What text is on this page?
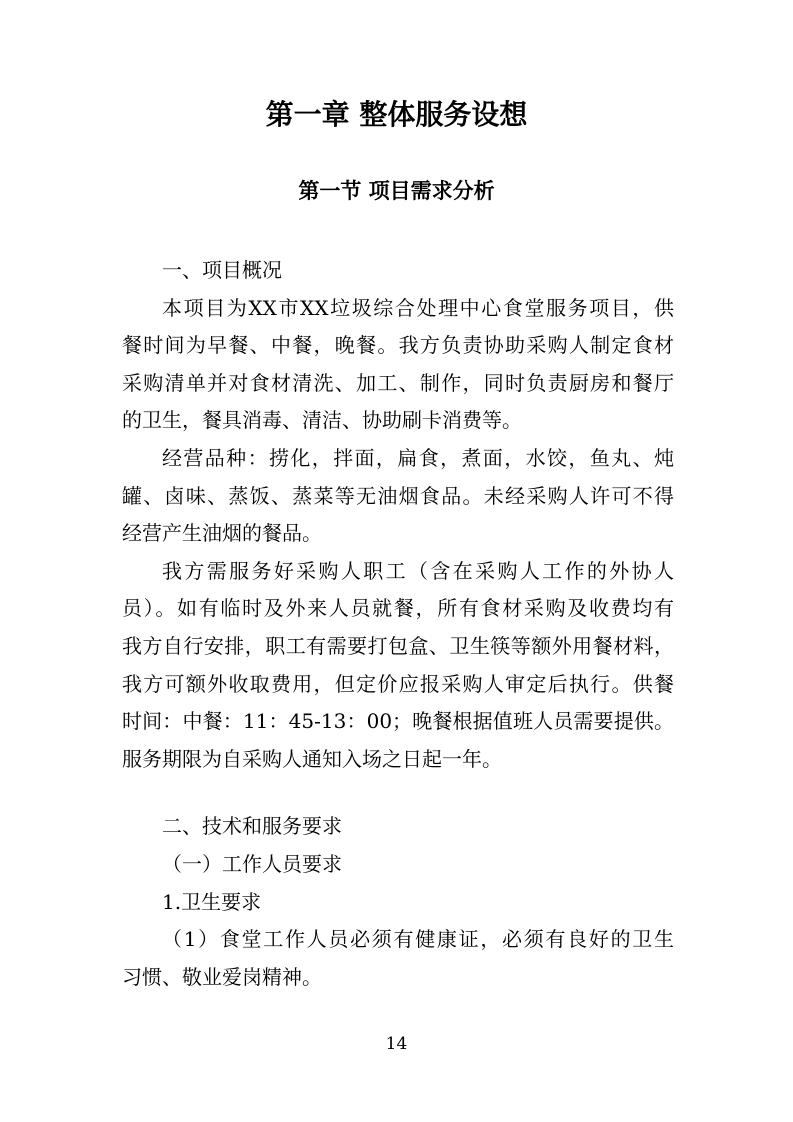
第一章 整体服务设想
第一节 项目需求分析
一、项目概况
本项目为XX市XX垃圾综合处理中心食堂服务项目，供
餐时间为早餐、中餐，晚餐。我方负责协助采购人制定食材
采购清单并对食材清洗、加工、制作，同时负责厨房和餐厅
的卫生，餐具消毒、清洁、协助刷卡消费等。
经营品种：捞化，拌面，扁食，煮面，水饺，鱼丸、炖
罐、卤味、蒸饭、蒸菜等无油烟食品。未经采购人许可不得
经营产生油烟的餐品。
我方需服务好采购人职工（含在采购人工作的外协人
员）。如有临时及外来人员就餐，所有食材采购及收费均有
我方自行安排，职工有需要打包盒、卫生筷等额外用餐材料，
我方可额外收取费用，但定价应报采购人审定后执行。供餐
时间：中餐：11：45-13：00；晚餐根据值班人员需要提供。
服务期限为自采购人通知入场之日起一年。
二、技术和服务要求
（一）工作人员要求
1.卫生要求
（1）食堂工作人员必须有健康证，必须有良好的卫生
习惯、敬业爱岗精神。
14
